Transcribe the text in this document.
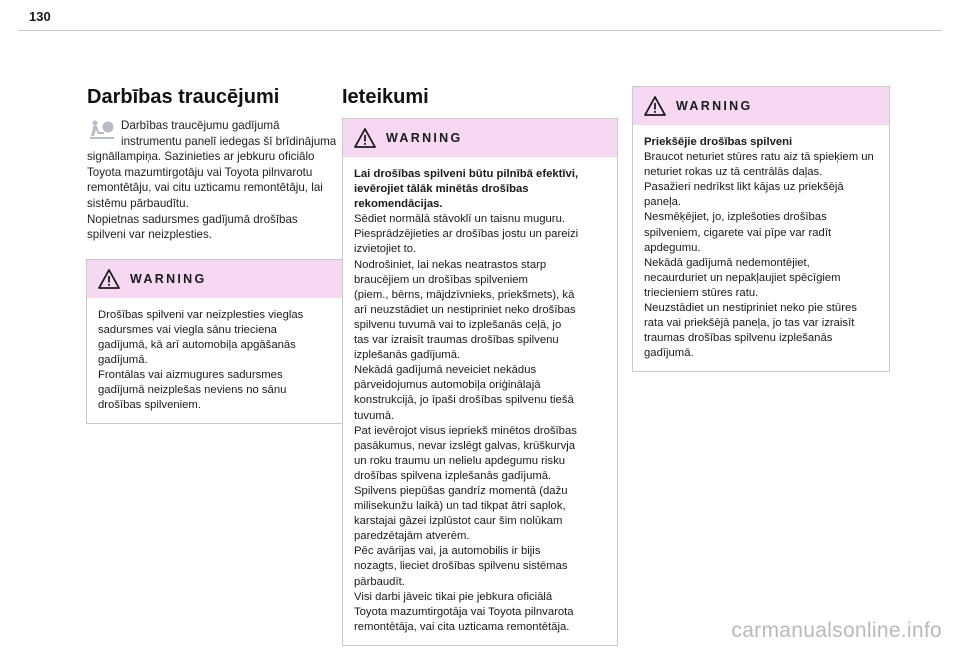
130
Darbības traucējumi
Darbības traucējumu gadījumā
instrumentu panelī iedegas šī brīdinājuma
signāllampiņa. Sazinieties ar jebkuru oficiālo
Toyota mazumtirgotāju vai Toyota pilnvarotu
remontētāju, vai citu uzticamu remontētāju, lai
sistēmu pārbaudītu.
Nopietnas sadursmes gadījumā drošības
spilveni var neizplesties.
WARNING
Drošības spilveni var neizplesties vieglas
sadursmes vai viegla sānu trieciena
gadījumā, kā arī automobiļa apgāšanās
gadījumā.
Frontālas vai aizmugures sadursmes
gadījumā neizplešas neviens no sānu
drošības spilveniem.
Ieteikumi
WARNING
Lai drošības spilveni būtu pilnībā efektīvi,
ievērojiet tālāk minētās drošības
rekomendācijas.
Sēdiet normālā stāvoklī un taisnu muguru.
Piesprādzējieties ar drošības jostu un pareizi
izvietojiet to.
Nodrošiniet, lai nekas neatrastos starp
braucējiem un drošības spilveniem
(piem., bērns, mājdzīvnieks, priekšmets), kā
arī neuzstādiet un nestipriniet neko drošības
spilvenu tuvumā vai to izplešanās ceļā, jo
tas var izraisīt traumas drošības spilvenu
izplešanās gadījumā.
Nekādā gadījumā neveiciet nekādus
pārveidojumus automobiļa oriģinālajā
konstrukcijā, jo īpaši drošības spilvenu tiešā
tuvumā.
Pat ievērojot visus iepriekš minētos drošības
pasākumus, nevar izslēgt galvas, krūškurvja
un roku traumu un nelielu apdegumu risku
drošības spilvena izplešanās gadījumā.
Spilvens piepūšas gandrīz momentā (dažu
milisekunžu laikā) un tad tikpat ātri saplok,
karstajai gāzei izplūstot caur šim nolūkam
paredzētajām atverēm.
Pēc avārijas vai, ja automobilis ir bijis
nozagts, lieciet drošības spilvenu sistēmas
pārbaudīt.
Visi darbi jāveic tikai pie jebkura oficiālā
Toyota mazumtirgotāja vai Toyota pilnvarota
remontētāja, vai cita uzticama remontētāja.
WARNING
Priekšējie drošības spilveni
Braucot neturiet stūres ratu aiz tā spieķiem un
neturiet rokas uz tā centrālās daļas.
Pasažieri nedrīkst likt kājas uz priekšējā
paneļa.
Nesmēķējiet, jo, izplešoties drošības
spilveniem, cigarete vai pīpe var radīt
apdegumu.
Nekādā gadījumā nedemontējiet,
necaurduriet un nepakļaujiet spēcīgiem
triecieniem stūres ratu.
Neuzstādiet un nestipriniet neko pie stūres
rata vai priekšējā paneļa, jo tas var izraisīt
traumas drošības spilvenu izplešanās
gadījumā.
carmanualsonline.info
